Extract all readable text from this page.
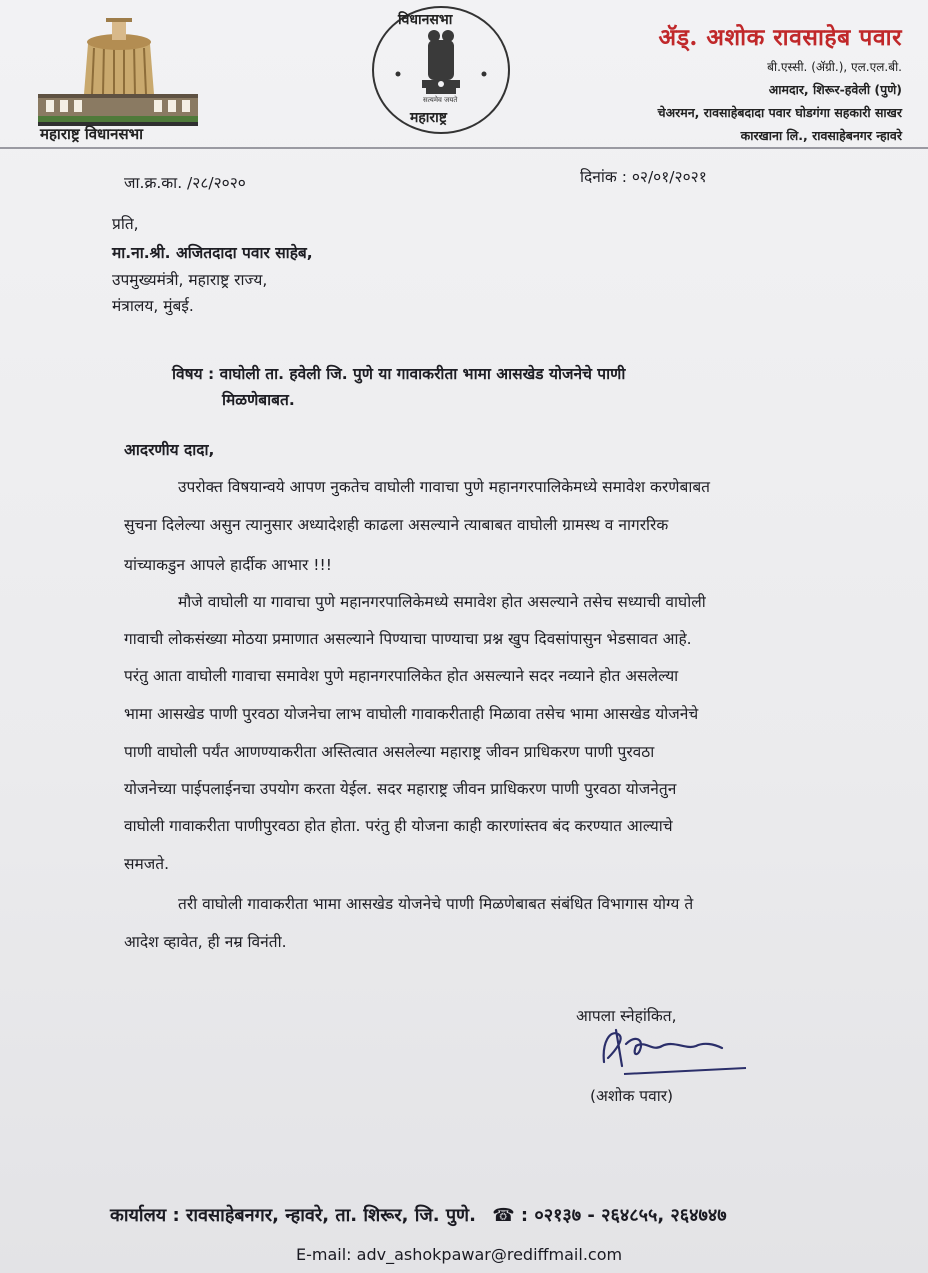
महाराष्ट्र विधानसभा
विधानसभा
सत्यमेव जयते
महाराष्ट्र
ॲड्. अशोक रावसाहेब पवार
बी.एस्सी. (ॲग्री.), एल.एल.बी.
आमदार, शिरूर-हवेली (पुणे)
चेअरमन, रावसाहेबदादा पवार घोडगंगा सहकारी साखर
कारखाना लि., रावसाहेबनगर न्हावरे
जा.क्र.का. /२८/२०२०	दिनांक : ०२/०१/२०२१
प्रति,
मा.ना.श्री. अजितदादा पवार साहेब,
उपमुख्यमंत्री, महाराष्ट्र राज्य,
मंत्रालय, मुंबई.
विषय : वाघोली ता. हवेली जि. पुणे या गावाकरीता भामा आसखेड योजनेचे पाणी
मिळणेबाबत.
आदरणीय दादा,
उपरोक्त विषयान्वये आपण नुकतेच वाघोली गावाचा पुणे महानगरपालिकेमध्ये समावेश करणेबाबत
सुचना दिलेल्या असुन त्यानुसार अध्यादेशही काढला असल्याने त्याबाबत वाघोली ग्रामस्थ व नागररिक
यांच्याकडुन आपले हार्दीक आभार !!!
मौजे वाघोली या गावाचा पुणे महानगरपालिकेमध्ये समावेश होत असल्याने तसेच सध्याची वाघोली
गावाची लोकसंख्या मोठया प्रमाणात असल्याने पिण्याचा पाण्याचा प्रश्न खुप दिवसांपासुन भेडसावत आहे.
परंतु आता वाघोली गावाचा समावेश पुणे महानगरपालिकेत होत असल्याने सदर नव्याने होत असलेल्या
भामा आसखेड पाणी पुरवठा योजनेचा लाभ वाघोली गावाकरीताही मिळावा तसेच भामा आसखेड योजनेचे
पाणी वाघोली पर्यंत आणण्याकरीता अस्तित्वात असलेल्या महाराष्ट्र जीवन प्राधिकरण पाणी पुरवठा
योजनेच्या पाईपलाईनचा उपयोग करता येईल. सदर महाराष्ट्र जीवन प्राधिकरण पाणी पुरवठा योजनेतुन
वाघोली गावाकरीता पाणीपुरवठा होत होता. परंतु ही योजना काही कारणांस्तव बंद करण्यात आल्याचे
समजते.
तरी वाघोली गावाकरीता भामा आसखेड योजनेचे पाणी मिळणेबाबत संबंधित विभागास योग्य ते
आदेश व्हावेत, ही नम्र विनंती.
आपला स्नेहांकित,
(अशोक पवार)
कार्यालय : रावसाहेबनगर, न्हावरे, ता. शिरूर, जि. पुणे. ☎ : ०२१३७ - २६४८५५, २६४७४७
E-mail: adv_ashokpawar@rediffmail.com
